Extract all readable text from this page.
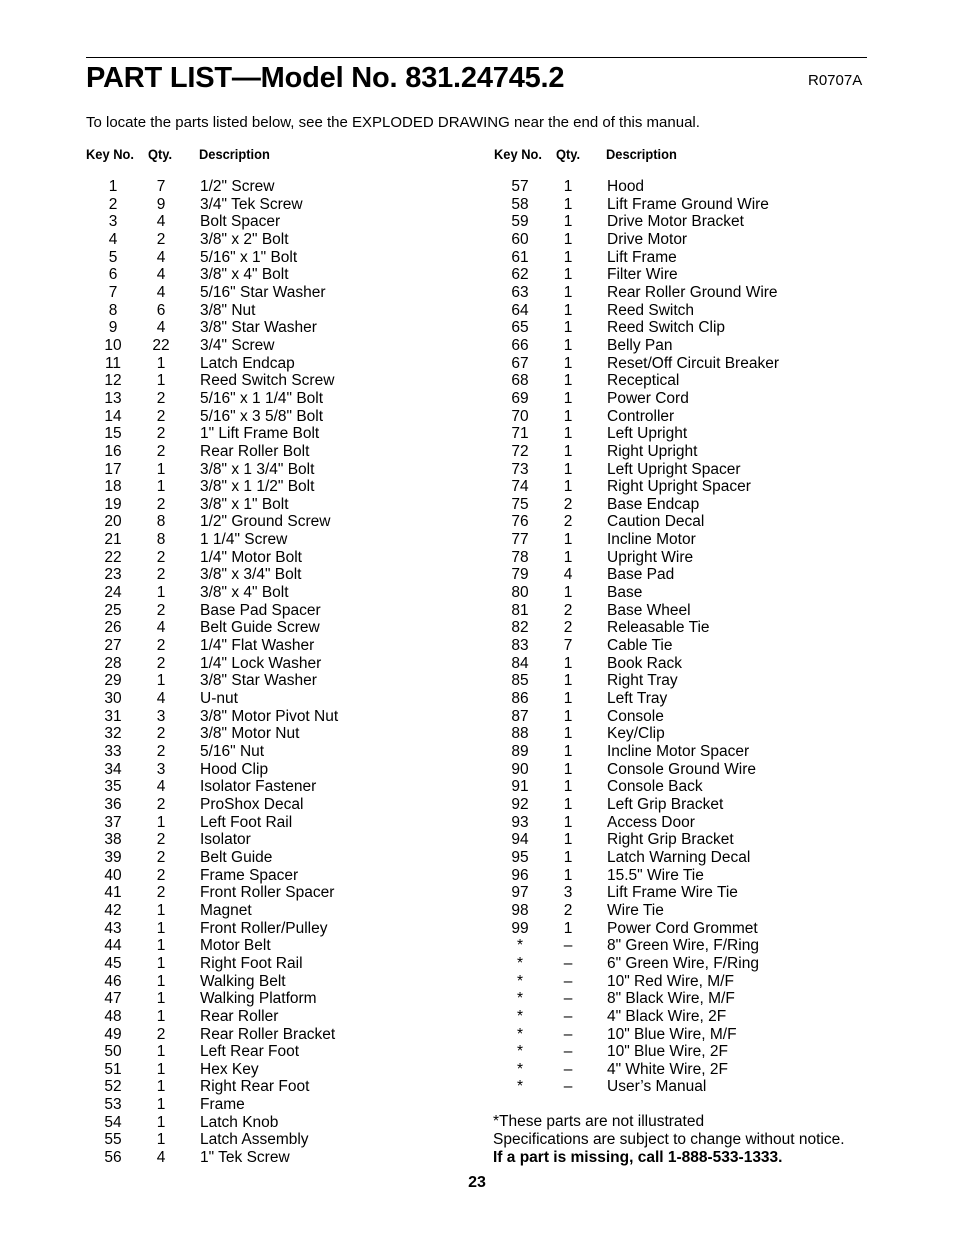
PART LIST—Model No. 831.24745.2	R0707A
To locate the parts listed below, see the EXPLODED DRAWING near the end of this manual.
Key No. Qty. Description	Key No. Qty. Description
1	7	1/2" Screw
2	9	3/4" Tek Screw
3	4	Bolt Spacer
4	2	3/8" x 2" Bolt
5	4	5/16" x 1" Bolt
6	4	3/8" x 4" Bolt
7	4	5/16" Star Washer
8	6	3/8" Nut
9	4	3/8" Star Washer
10	22	3/4" Screw
11	1	Latch Endcap
12	1	Reed Switch Screw
13	2	5/16" x 1 1/4" Bolt
14	2	5/16" x 3 5/8" Bolt
15	2	1" Lift Frame Bolt
16	2	Rear Roller Bolt
17	1	3/8" x 1 3/4" Bolt
18	1	3/8" x 1 1/2" Bolt
19	2	3/8" x 1" Bolt
20	8	1/2" Ground Screw
21	8	1 1/4" Screw
22	2	1/4" Motor Bolt
23	2	3/8" x 3/4" Bolt
24	1	3/8" x 4" Bolt
25	2	Base Pad Spacer
26	4	Belt Guide Screw
27	2	1/4" Flat Washer
28	2	1/4" Lock Washer
29	1	3/8" Star Washer
30	4	U-nut
31	3	3/8" Motor Pivot Nut
32	2	3/8" Motor Nut
33	2	5/16" Nut
34	3	Hood Clip
35	4	Isolator Fastener
36	2	ProShox Decal
37	1	Left Foot Rail
38	2	Isolator
39	2	Belt Guide
40	2	Frame Spacer
41	2	Front Roller Spacer
42	1	Magnet
43	1	Front Roller/Pulley
44	1	Motor Belt
45	1	Right Foot Rail
46	1	Walking Belt
47	1	Walking Platform
48	1	Rear Roller
49	2	Rear Roller Bracket
50	1	Left Rear Foot
51	1	Hex Key
52	1	Right Rear Foot
53	1	Frame
54	1	Latch Knob
55	1	Latch Assembly
56	4	1" Tek Screw
57	1	Hood
58	1	Lift Frame Ground Wire
59	1	Drive Motor Bracket
60	1	Drive Motor
61	1	Lift Frame
62	1	Filter Wire
63	1	Rear Roller Ground Wire
64	1	Reed Switch
65	1	Reed Switch Clip
66	1	Belly Pan
67	1	Reset/Off Circuit Breaker
68	1	Receptical
69	1	Power Cord
70	1	Controller
71	1	Left Upright
72	1	Right Upright
73	1	Left Upright Spacer
74	1	Right Upright Spacer
75	2	Base Endcap
76	2	Caution Decal
77	1	Incline Motor
78	1	Upright Wire
79	4	Base Pad
80	1	Base
81	2	Base Wheel
82	2	Releasable Tie
83	7	Cable Tie
84	1	Book Rack
85	1	Right Tray
86	1	Left Tray
87	1	Console
88	1	Key/Clip
89	1	Incline Motor Spacer
90	1	Console Ground Wire
91	1	Console Back
92	1	Left Grip Bracket
93	1	Access Door
94	1	Right Grip Bracket
95	1	Latch Warning Decal
96	1	15.5" Wire Tie
97	3	Lift Frame Wire Tie
98	2	Wire Tie
99	1	Power Cord Grommet
*	–	8" Green Wire, F/Ring
*	–	6" Green Wire, F/Ring
*	–	10" Red Wire, M/F
*	–	8" Black Wire, M/F
*	–	4" Black Wire, 2F
*	–	10" Blue Wire, M/F
*	–	10" Blue Wire, 2F
*	–	4" White Wire, 2F
*	–	User’s Manual
*These parts are not illustrated
Specifications are subject to change without notice.
If a part is missing, call 1-888-533-1333.
23
